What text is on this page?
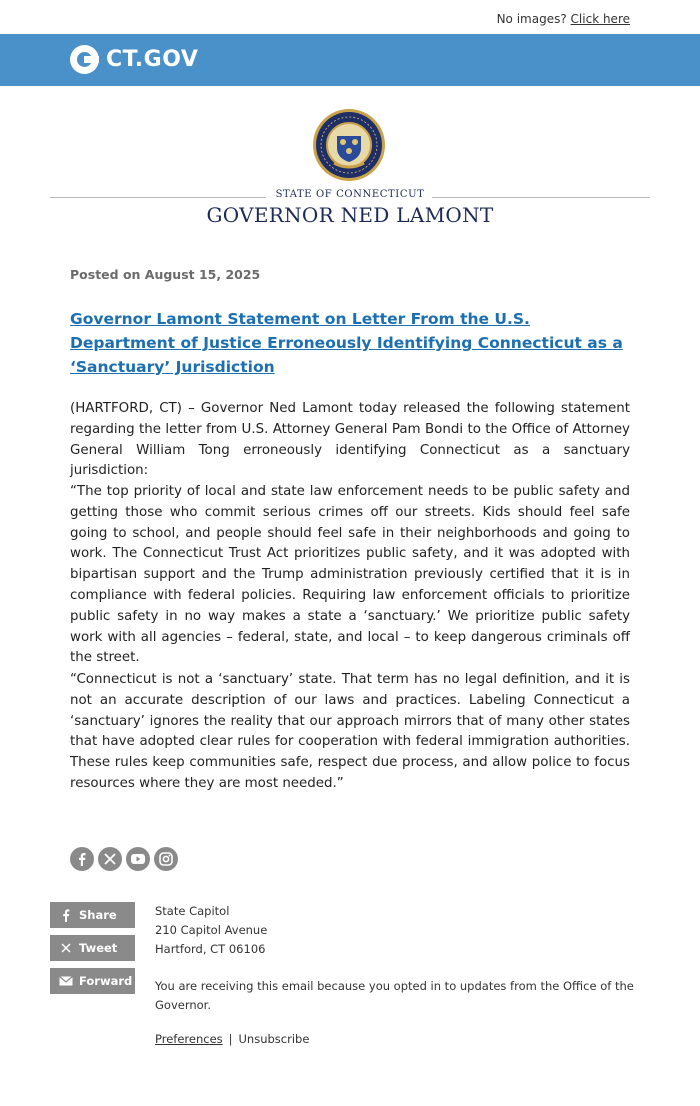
No images? Click here
CT.GOV
STATE OF CONNECTICUT
GOVERNOR NED LAMONT
Posted on August 15, 2025
Governor Lamont Statement on Letter From the U.S. Department of Justice Erroneously Identifying Connecticut as a ‘Sanctuary’ Jurisdiction

(HARTFORD, CT) – Governor Ned Lamont today released the following statement regarding the letter from U.S. Attorney General Pam Bondi to the Office of Attorney General William Tong erroneously identifying Connecticut as a sanctuary jurisdiction:

“The top priority of local and state law enforcement needs to be public safety and getting those who commit serious crimes off our streets. Kids should feel safe going to school, and people should feel safe in their neighborhoods and going to work. The Connecticut Trust Act prioritizes public safety, and it was adopted with bipartisan support and the Trump administration previously certified that it is in compliance with federal policies. Requiring law enforcement officials to prioritize public safety in no way makes a state a ‘sanctuary.’ We prioritize public safety work with all agencies – federal, state, and local – to keep dangerous criminals off the street.

“Connecticut is not a ‘sanctuary’ state. That term has no legal definition, and it is not an accurate description of our laws and practices. Labeling Connecticut a ‘sanctuary’ ignores the reality that our approach mirrors that of many other states that have adopted clear rules for cooperation with federal immigration authorities. These rules keep communities safe, respect due process, and allow police to focus resources where they are most needed.”

Share
Tweet
Forward
State Capitol
210 Capitol Avenue
Hartford, CT 06106
You are receiving this email because you opted in to updates from the Office of the Governor.
Preferences | Unsubscribe
